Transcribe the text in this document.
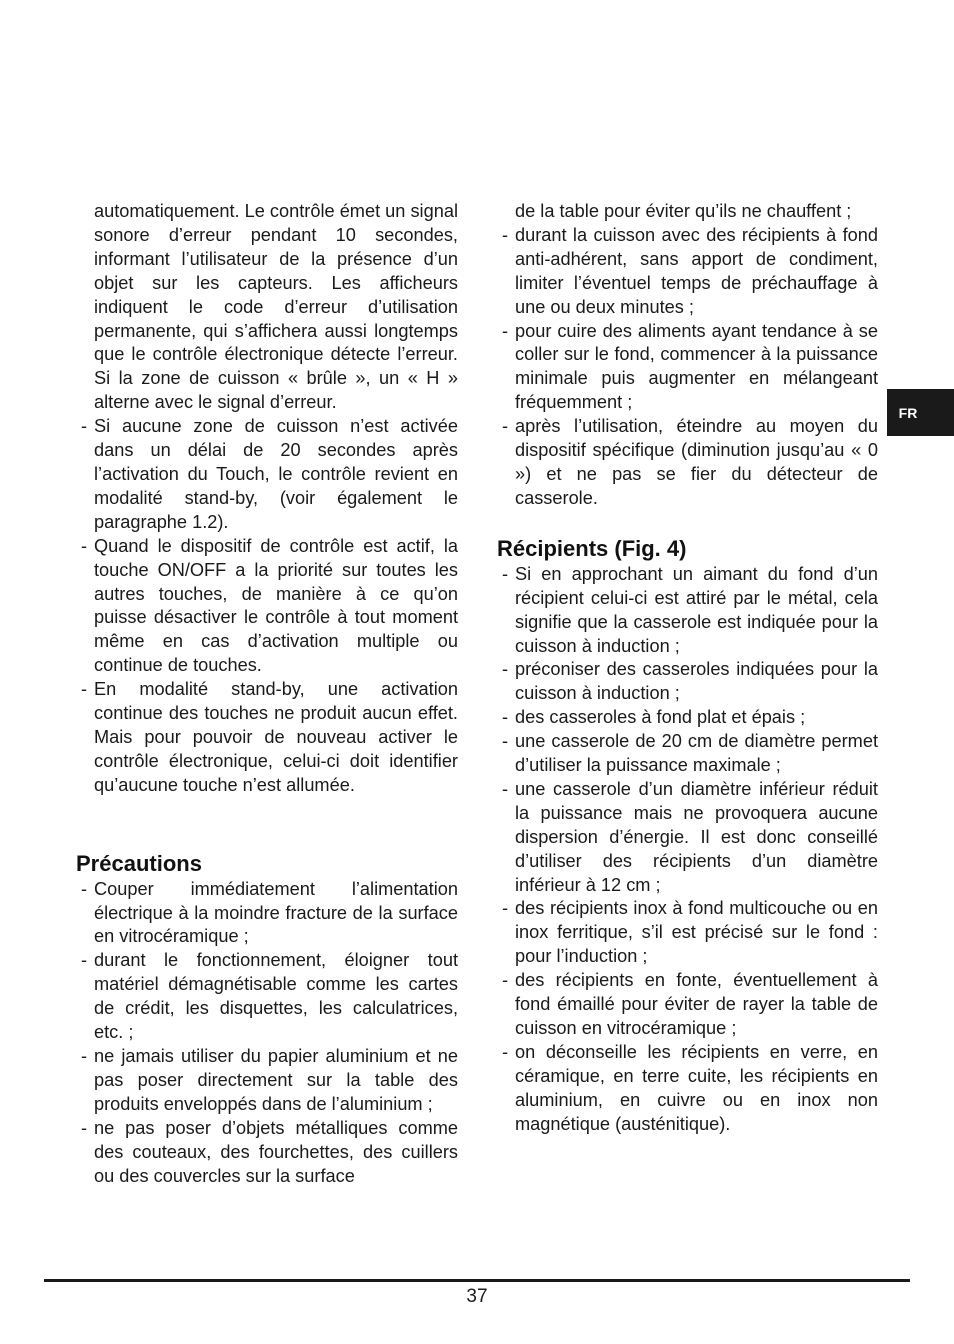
FR
automatiquement. Le contrôle émet un signal sonore d’erreur pendant 10 secondes, informant l’utilisateur de la présence d’un objet sur les capteurs. Les afficheurs indiquent le code d’erreur d’utilisation permanente, qui s’affichera aussi longtemps que le contrôle électronique détecte l’erreur. Si la zone de cuisson « brûle », un « H » alterne avec le signal d’erreur.
- Si aucune zone de cuisson n’est activée dans un délai de 20 secondes après l’activation du Touch, le contrôle revient en modalité stand-by, (voir également le paragraphe 1.2).
- Quand le dispositif de contrôle est actif, la touche ON/OFF a la priorité sur toutes les autres touches, de manière à ce qu’on puisse désactiver le contrôle à tout moment même en cas d’activation multiple ou continue de touches.
- En modalité stand-by, une activation continue des touches ne produit aucun effet. Mais pour pouvoir de nouveau activer le contrôle électronique, celui-ci doit identifier qu’aucune touche n’est allumée.
Précautions
- Couper immédiatement l’alimentation électrique à la moindre fracture de la surface en vitrocéramique ;
- durant le fonctionnement, éloigner tout matériel démagnétisable comme les cartes de crédit, les disquettes, les calculatrices, etc. ;
- ne jamais utiliser du papier aluminium et ne pas poser directement sur la table des produits enveloppés dans de l’aluminium ;
- ne pas poser d’objets métalliques comme des couteaux, des fourchettes, des cuillers ou des couvercles sur la surface
de la table pour éviter qu’ils ne chauffent ;
- durant la cuisson avec des récipients à fond anti-adhérent, sans apport de condiment, limiter l’éventuel temps de préchauffage à une ou deux minutes ;
- pour cuire des aliments ayant tendance à se coller sur le fond, commencer à la puissance minimale puis augmenter en mélangeant fréquemment ;
- après l’utilisation, éteindre au moyen du dispositif spécifique (diminution jusqu’au « 0 ») et ne pas se fier du détecteur de casserole.
Récipients (Fig. 4)
- Si en approchant un aimant du fond d’un récipient celui-ci est attiré par le métal, cela signifie que la casserole est indiquée pour la cuisson à induction ;
- préconiser des casseroles indiquées pour la cuisson à induction ;
- des casseroles à fond plat et épais ;
- une casserole de 20 cm de diamètre permet d’utiliser la puissance maximale ;
- une casserole d’un diamètre inférieur réduit la puissance mais ne provoquera aucune dispersion d’énergie. Il est donc conseillé d’utiliser des récipients d’un diamètre inférieur à 12 cm ;
- des récipients inox à fond multicouche ou en inox ferritique, s’il est précisé sur le fond : pour l’induction ;
- des récipients en fonte, éventuellement à fond émaillé pour éviter de rayer la table de cuisson en vitrocéramique ;
- on déconseille les récipients en verre, en céramique, en terre cuite, les récipients en aluminium, en cuivre ou en inox non magnétique (austénitique).
37
